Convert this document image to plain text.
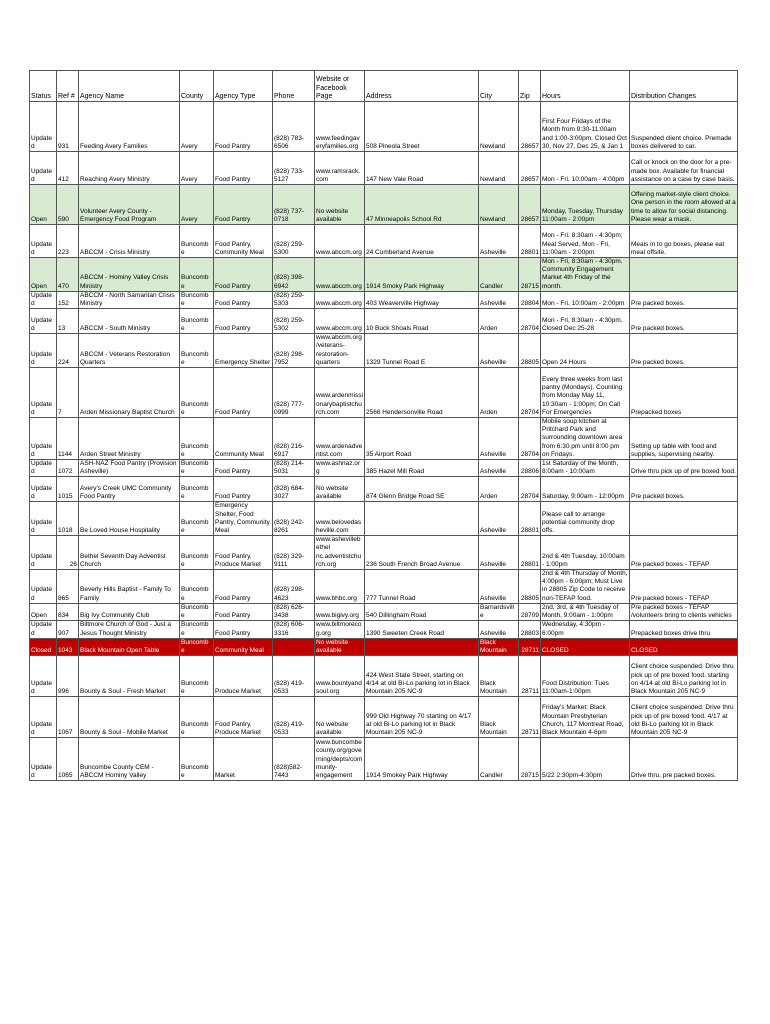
Status	Ref #	Agency Name	County	Agency Type	Phone	Website or Facebook Page	Address	City	Zip	Hours	Distribution Changes
Updated	931	Feeding Avery Families	Avery	Food Pantry	(828) 783-6506	www.feedingaveryfamilies.org	508 Pineola Street	Newland	28657	First Four Fridays of the Month from 9:30-11:00am and 1:00-3:00pm. Closed Oct 30, Nov 27, Dec 25, & Jan 1	Suspended client choice. Premade boxes delivered to car.
Updated	412	Reaching Avery Ministry	Avery	Food Pantry	(828) 733-5127	www.ramsrack.com	147 New Vale Road	Newland	28657	Mon - Fri, 10:00am - 4:00pm	Call or knock on the door for a pre-made box. Available for financial assistance on a case by case basis.
Open	590	Volunteer Avery County - Emergency Food Program	Avery	Food Pantry	(828) 737-0718	No website available	47 Minneapolis School Rd	Newland	28657	Monday, Tuesday, Thursday 11:00am - 2:00pm	Offering market-style client choice. One person in the room allowed at a time to allow for social distancing. Please wear a mask.
Updated	223	ABCCM - Crisis Ministry	Buncombe	Food Pantry, Community Meal	(828) 259-5300	www.abccm.org	24 Cumberland Avenue	Asheville	28801	Mon - Fri, 8:30am - 4:30pm; Meal Served, Mon - Fri, 11:00am - 2:00pm	Meals in to go boxes, please eat meal offsite.
Open	470	ABCCM - Hominy Valley Crisis Ministry	Buncombe	Food Pantry	(828) 398-6942	www.abccm.org	1914 Smoky Park Highway	Candler	28715	Mon - Fri, 8:30am - 4:30pm. Community Engagement Market 4th Friday of the month.	
Updated	152	ABCCM - North Samaritan Crisis Ministry	Buncombe	Food Pantry	(828) 259-5303	www.abccm.org	403 Weaverville Highway	Asheville	28804	Mon - Fri, 10:00am - 2:00pm	Pre packed boxes.
Updated	13	ABCCM - South Ministry	Buncombe	Food Pantry	(828) 259-5302	www.abccm.org	10 Buck Shoals Road	Arden	28704	Mon - Fri, 8:30am - 4:30pm. Closed Dec 25-28	Pre packed boxes.
Updated	224	ABCCM - Veterans Restoration Quarters	Buncombe	Emergency Shelter	(828) 298-7952	www.abccm.org/veterans-restoration-quarters	1329 Tunnel Road E	Asheville	28805	Open 24 Hours	Pre packed boxes.
Updated	7	Arden Missionary Baptist Church	Buncombe	Food Pantry	(828) 777-0999	www.ardenmissionarybaptistchurch.com	2566 Hendersonville Road	Arden	28704	Every three weeks from last pantry (Mondays). Counting from Monday May 11, 10:30am - 1:00pm; On Call For Emergencies	Prepacked boxes
Updated	1144	Arden Street Ministry	Buncombe	Community Meal	(828) 216-6917	www.ardenadventist.com	35 Airport Road	Asheville	28704	Mobile soup kitchen at Pritchard Park and surrounding downtown area from 6:30 pm until 8:00 pm on Fridays.	Setting up table with food and supplies, supervising nearby.
Updated	1072	ASH-NAZ Food Pantry (Provision Asheville)	Buncombe	Food Pantry	(828) 214-5031	www.ashnaz.org	385 Hazel Mill Road	Asheville	28806	1st Saturday of the Month, 8:00am - 10:00am	Drive thru pick up of pre boxed food.
Updated	1015	Avery's Creek UMC Community Food Pantry	Buncombe	Food Pantry	(828) 684-3027	No website available	874 Glenn Bridge Road SE	Arden	28704	Saturday, 9:00am - 12:00pm	Pre packed boxes.
Updated	1018	Be Loved House Hospitality	Buncombe	Emergency Shelter, Food Pantry, Community Meal	(828) 242-8261	www.belovedasheville.com		Asheville	28801	Please call to arrange potential community drop offs.	
Updated	26	Bethel Seventh Day Adventist Church	Buncombe	Food Pantry, Produce Market	(828) 329-9111	www.ashevillebethel nc.adventistchurch.org	236 South French Broad Avenue	Asheville	28801	2nd & 4th Tuesday, 10:00am - 1:00pm	Pre packed boxes - TEFAP
Updated	865	Beverly Hills Baptist - Family To Family	Buncombe	Food Pantry	(828) 298-4623	www.bhbc.org	777 Tunnel Road	Asheville	28805	2nd & 4th Thursday of Month, 4:00pm - 6:00pm; Must Live in 28805 Zip Code to receive non-TEFAP food.	Pre packed boxes - TEFAP
Open	834	Big Ivy Community Club	Buncombe	Food Pantry	(828) 626-3438	www.bigivy.org	540 Dillingham Road	Barnardsville	28709	2nd, 3rd, & 4th Tuesday of Month, 9:00am - 1:00pm	Pre packed boxes - TEFAP /volunteers bring to clients vehicles
Updated	907	Biltmore Church of God - Just a Jesus Thought Ministry	Buncombe	Food Pantry	(828) 606-3316	www.biltmorecog.org	1390 Sweeten Creek Road	Asheville	28803	Wednesday, 4:30pm - 6:00pm	Prepacked boxes drive thru
Closed	1043	Black Mountain Open Table	Buncombe	Community Meal		No website available		Black Mountain	28711	CLOSED	CLOSED
Updated	996	Bounty & Soul - Fresh Market	Buncombe	Produce Market	(828) 419-0533	www.bountyandsoul.org	424 West State Street, starting on 4/14 at old Bi-Lo parking lot in Black Mountain 205 NC-9	Black Mountain	28711	Food Distribution: Tues 11:00am-1:00pm	Client choice suspended. Drive thru pick up of pre boxed food. starting on 4/14 at old Bi-Lo parking lot in Black Mountain 205 NC-9
Updated	1067	Bounty & Soul - Mobile Market	Buncombe	Food Pantry, Produce Market	(828) 419-0533	No website available	999 Old Highway 70 starting on 4/17 at old Bi-Lo parking lot in Black Mountain 205 NC-9	Black Mountain	28711	Friday's Market: Black Mountain Presbyterian Church, 117 Montreat Road, Black Mountain 4-6pm	Client choice suspended. Drive thru pick up of pre boxed food. 4/17 at old Bi-Lo parking lot in Black Mountain 205 NC-9
Updated	1065	Buncombe County CEM - ABCCM Hominy Valley	Buncombe	Market	(828)582-7443	www.buncombecounty.org/governing/depts/community-engagement	1914 Smokey Park Highway	Candler	28715	5/22 2:30pm-4:30pm	Drive thru, pre packed boxes.
